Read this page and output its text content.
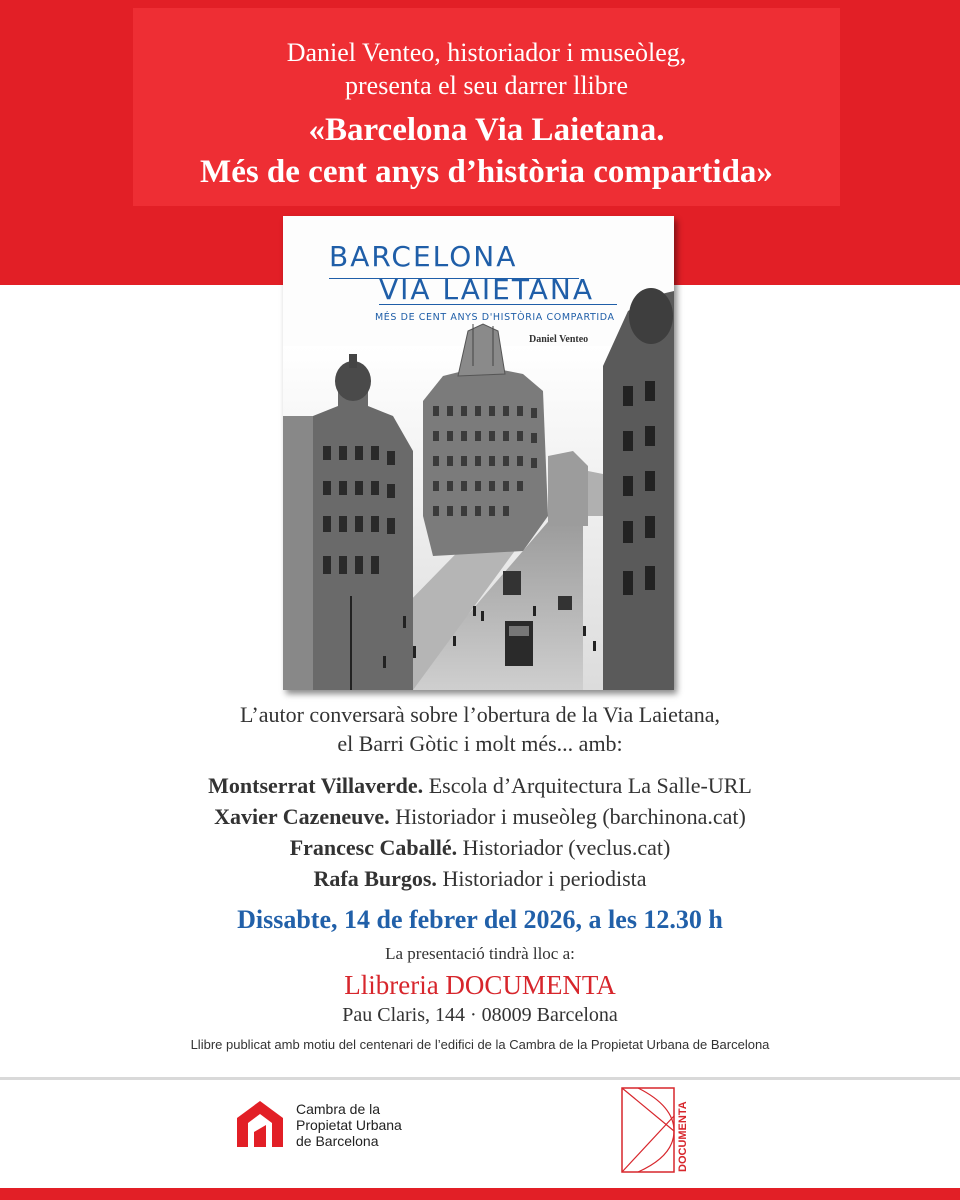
Daniel Venteo, historiador i museòleg,
presenta el seu darrer llibre
«Barcelona Via Laietana.
Més de cent anys d’història compartida»
BARCELONA
VIA LAIETANA
MÉS DE CENT ANYS D'HISTÒRIA COMPARTIDA
Daniel Venteo
L’autor conversarà sobre l’obertura de la Via Laietana,
el Barri Gòtic i molt més... amb:
Montserrat Villaverde. Escola d’Arquitectura La Salle-URL
Xavier Cazeneuve. Historiador i museòleg (barchinona.cat)
Francesc Caballé. Historiador (veclus.cat)
Rafa Burgos. Historiador i periodista
Dissabte, 14 de febrer del 2026, a les 12.30 h
La presentació tindrà lloc a:
Llibreria DOCUMENTA
Pau Claris, 144 · 08009 Barcelona
Llibre publicat amb motiu del centenari de l’edifici de la Cambra de la Propietat Urbana de Barcelona
Cambra de la
Propietat Urbana
de Barcelona	DOCUMENTA
